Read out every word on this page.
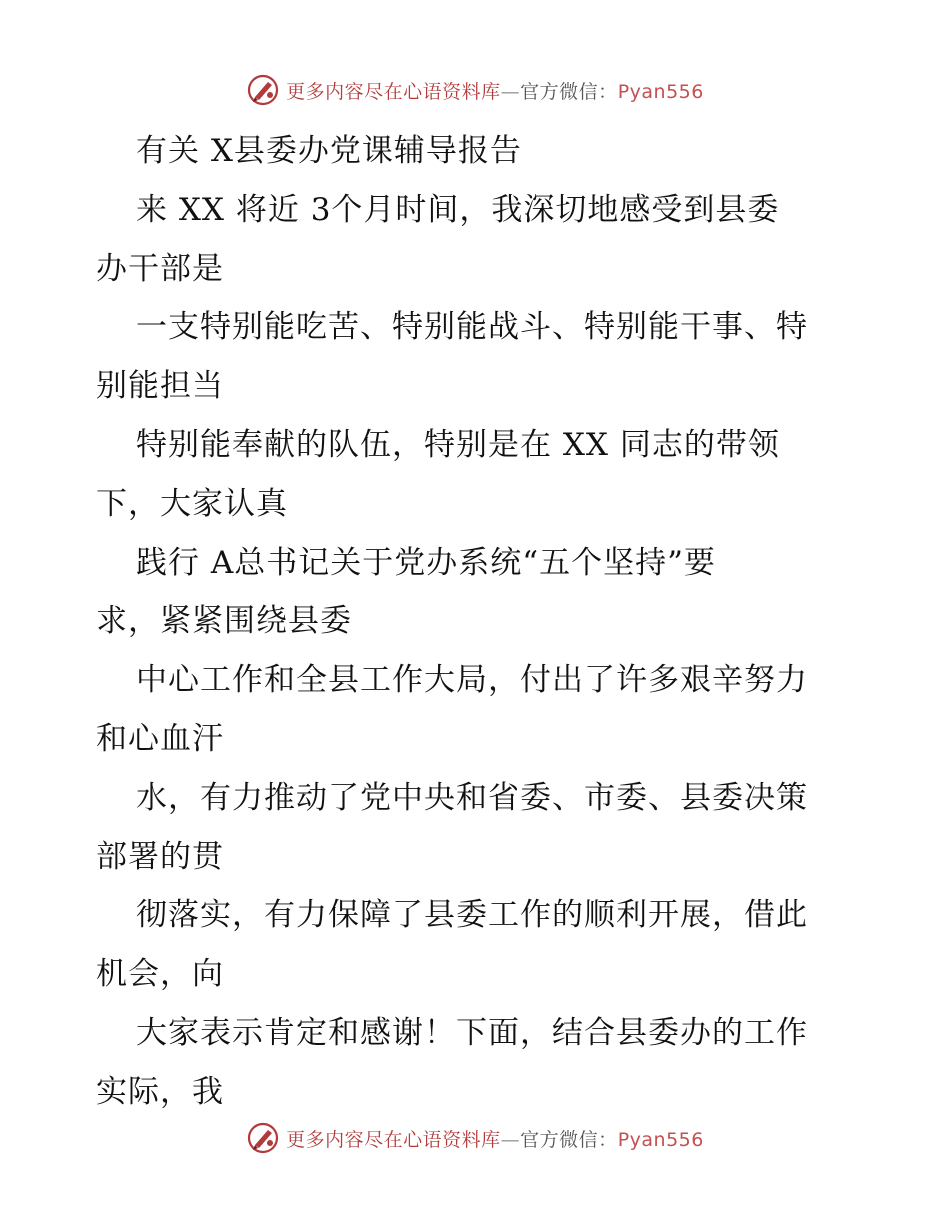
更多内容尽在心语资料库—官方微信：Pyan556
有关 X县委办党课辅导报告
来 XX 将近 3个月时间，我深切地感受到县委
办干部是
一支特别能吃苦、特别能战斗、特别能干事、特
别能担当
特别能奉献的队伍，特别是在 XX 同志的带领
下，大家认真
践行 A总书记关于党办系统“五个坚持”要
求，紧紧围绕县委
中心工作和全县工作大局，付出了许多艰辛努力
和心血汗
水，有力推动了党中央和省委、市委、县委决策
部署的贯
彻落实，有力保障了县委工作的顺利开展，借此
机会，向
大家表示肯定和感谢！下面，结合县委办的工作
实际，我
更多内容尽在心语资料库—官方微信：Pyan556
